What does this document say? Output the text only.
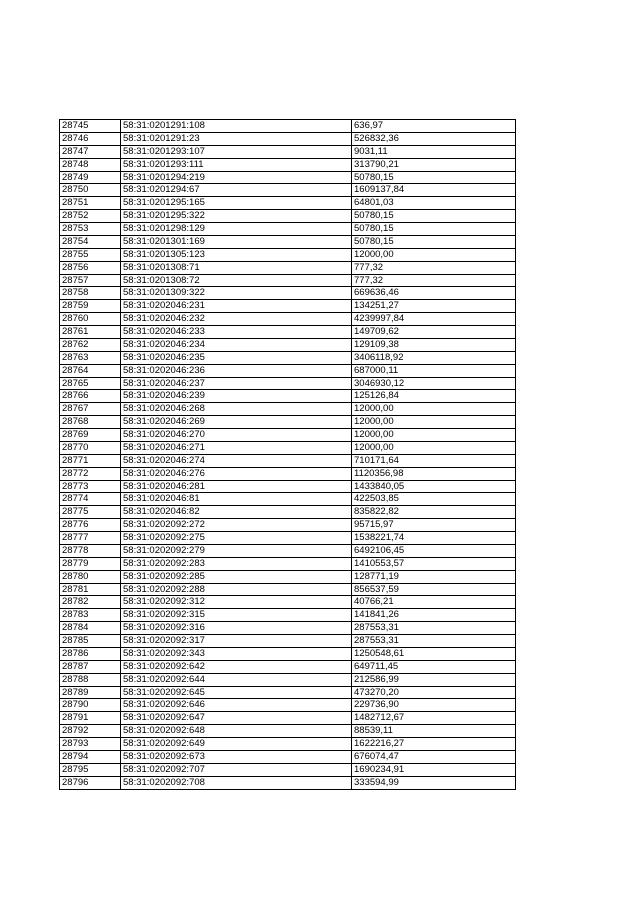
28745	58:31:0201291:108	636,97
28746	58:31:0201291:23	526832,36
28747	58:31:0201293:107	9031,11
28748	58:31:0201293:111	313790,21
28749	58:31:0201294:219	50780,15
28750	58:31:0201294:67	1609137,84
28751	58:31:0201295:165	64801,03
28752	58:31:0201295:322	50780,15
28753	58:31:0201298:129	50780,15
28754	58:31:0201301:169	50780,15
28755	58:31:0201305:123	12000,00
28756	58:31:0201308:71	777,32
28757	58:31:0201308:72	777,32
28758	58:31:0201309:322	669636,46
28759	58:31:0202046:231	134251,27
28760	58:31:0202046:232	4239997,84
28761	58:31:0202046:233	149709,62
28762	58:31:0202046:234	129109,38
28763	58:31:0202046:235	3406118,92
28764	58:31:0202046:236	687000,11
28765	58:31:0202046:237	3046930,12
28766	58:31:0202046:239	125126,84
28767	58:31:0202046:268	12000,00
28768	58:31:0202046:269	12000,00
28769	58:31:0202046:270	12000,00
28770	58:31:0202046:271	12000,00
28771	58:31:0202046:274	710171,64
28772	58:31:0202046:276	1120356,98
28773	58:31:0202046:281	1433840,05
28774	58:31:0202046:81	422503,85
28775	58:31:0202046:82	835822,82
28776	58:31:0202092:272	95715,97
28777	58:31:0202092:275	1538221,74
28778	58:31:0202092:279	6492106,45
28779	58:31:0202092:283	1410553,57
28780	58:31:0202092:285	128771,19
28781	58:31:0202092:288	856537,59
28782	58:31:0202092:312	40766,21
28783	58:31:0202092:315	141841,26
28784	58:31:0202092:316	287553,31
28785	58:31:0202092:317	287553,31
28786	58:31:0202092:343	1250548,61
28787	58:31:0202092:642	649711,45
28788	58:31:0202092:644	212586,99
28789	58:31:0202092:645	473270,20
28790	58:31:0202092:646	229736,90
28791	58:31:0202092:647	1482712,67
28792	58:31:0202092:648	88539,11
28793	58:31:0202092:649	1622216,27
28794	58:31:0202092:673	676074,47
28795	58:31:0202092:707	1690234,91
28796	58:31:0202092:708	333594,99
